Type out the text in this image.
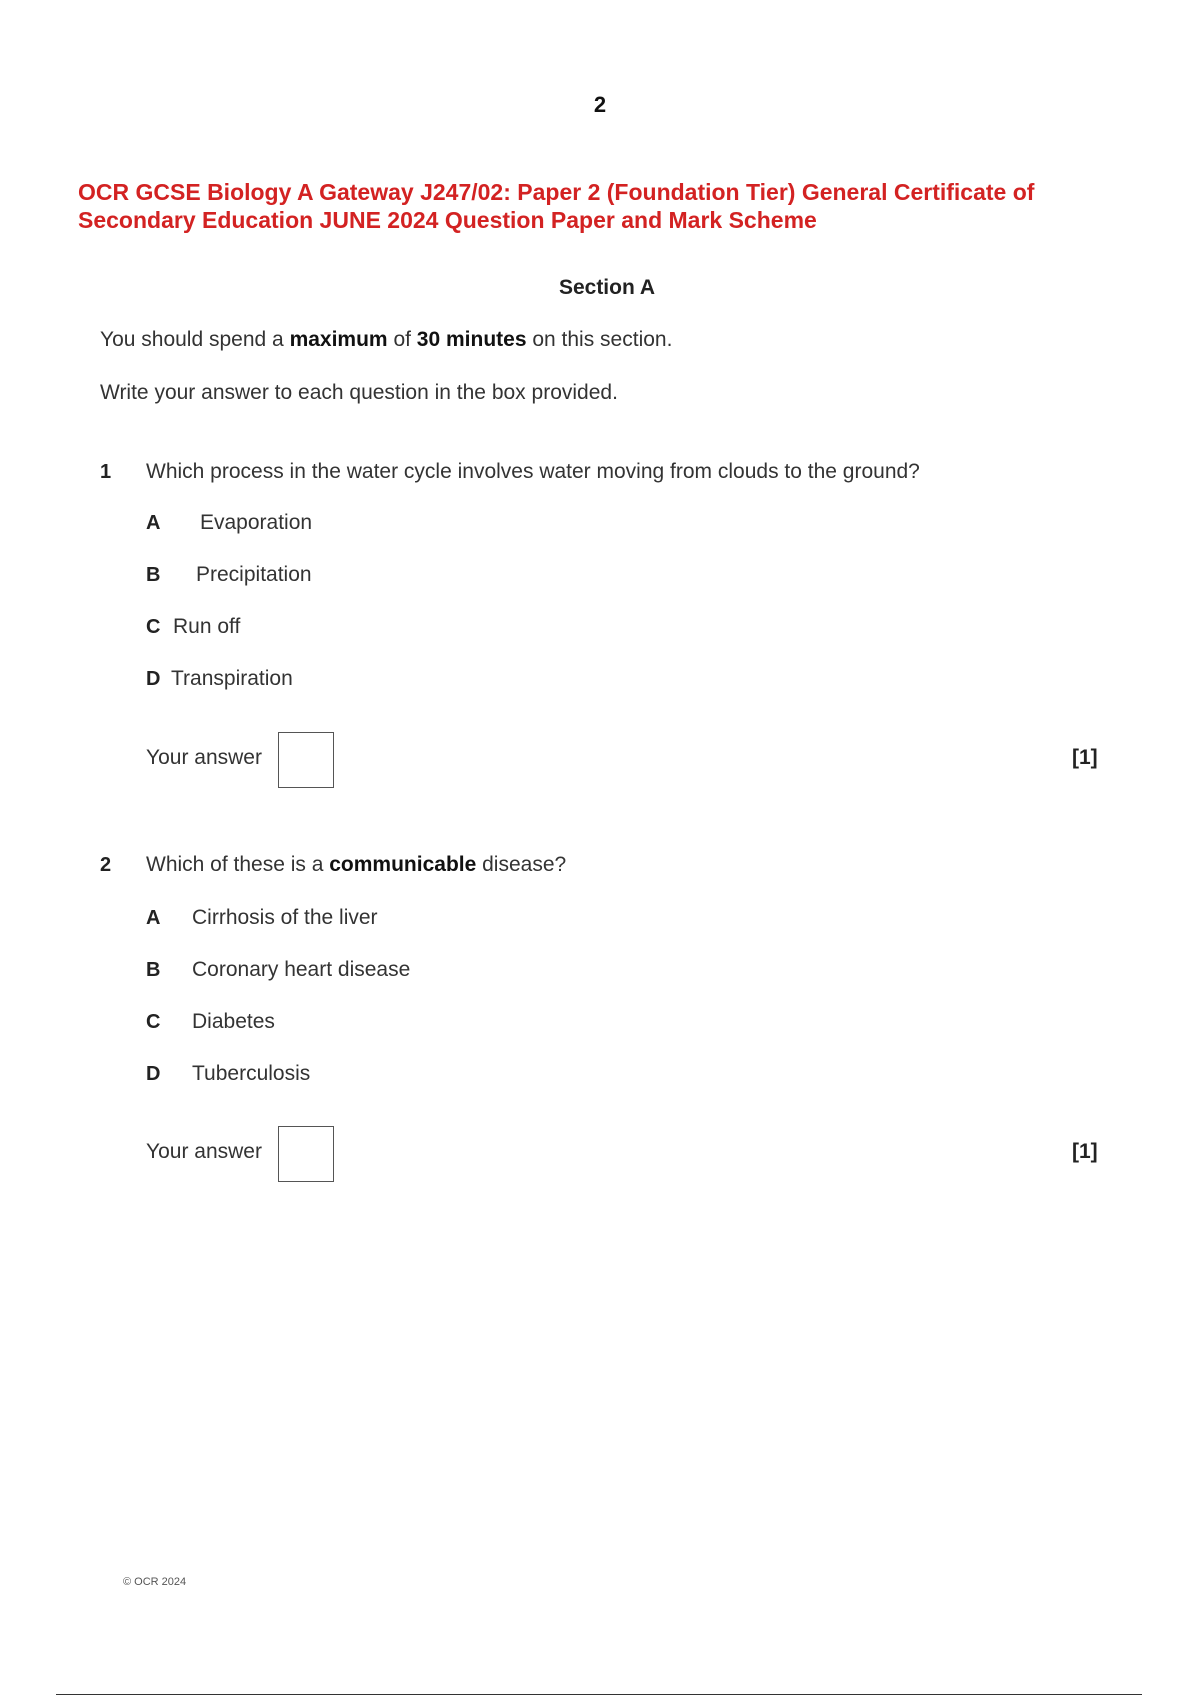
2
OCR GCSE Biology A Gateway J247/02: Paper 2 (Foundation Tier) General Certificate of Secondary Education JUNE 2024 Question Paper and Mark Scheme
Section A
You should spend a maximum of 30 minutes on this section.
Write your answer to each question in the box provided.
1 Which process in the water cycle involves water moving from clouds to the ground?
A Evaporation
B Precipitation
C Run off
D Transpiration
Your answer	[1]
2 Which of these is a communicable disease?
A Cirrhosis of the liver
B Coronary heart disease
C Diabetes
D Tuberculosis
Your answer	[1]
© OCR 2024
